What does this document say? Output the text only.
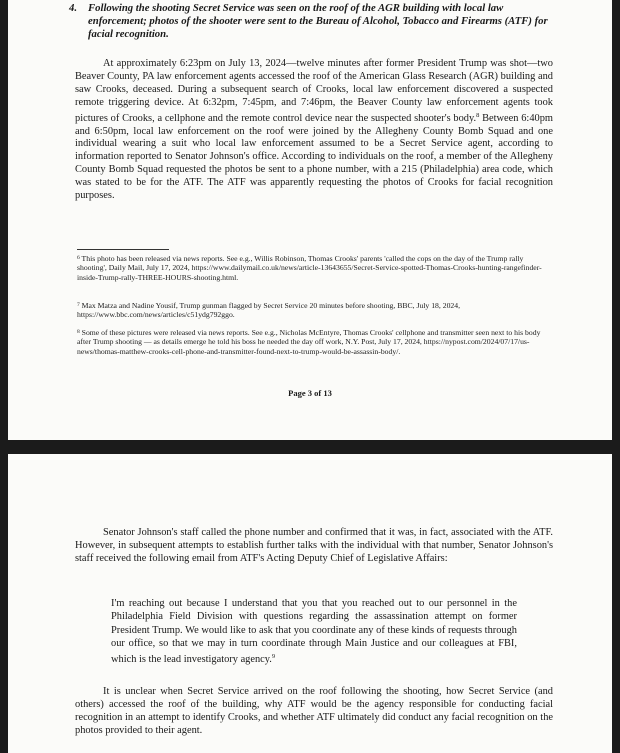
4. Following the shooting Secret Service was seen on the roof of the AGR building with local law enforcement; photos of the shooter were sent to the Bureau of Alcohol, Tobacco and Firearms (ATF) for facial recognition.

At approximately 6:23pm on July 13, 2024—twelve minutes after former President Trump was shot—two Beaver County, PA law enforcement agents accessed the roof of the American Glass Research (AGR) building and saw Crooks, deceased. During a subsequent search of Crooks, local law enforcement discovered a suspected remote triggering device. At 6:32pm, 7:45pm, and 7:46pm, the Beaver County law enforcement agents took pictures of Crooks, a cellphone and the remote control device near the suspected shooter's body.$^8$ Between 6:40pm and 6:50pm, local law enforcement on the roof were joined by the Allegheny County Bomb Squad and one individual wearing a suit who local law enforcement assumed to be a Secret Service agent, according to information reported to Senator Johnson's office. According to individuals on the roof, a member of the Allegheny County Bomb Squad requested the photos be sent to a phone number, with a 215 (Philadelphia) area code, which was stated to be for the ATF. The ATF was apparently requesting the photos of Crooks for facial recognition purposes.

$^6$ This photo has been released via news reports. See e.g., Willis Robinson, Thomas Crooks' parents 'called the cops on the day of the Trump rally shooting', Daily Mail, July 17, 2024, https://www.dailymail.co.uk/news/article-13643655/Secret-Service-spotted-Thomas-Crooks-hunting-rangefinder-inside-Trump-rally-THREE-HOURS-shooting.html.

$^7$ Max Matza and Nadine Yousif, Trump gunman flagged by Secret Service 20 minutes before shooting, BBC, July 18, 2024, https://www.bbc.com/news/articles/c51ydg792ggo.

$^8$ Some of these pictures were released via news reports. See e.g., Nicholas McEntyre, Thomas Crooks' cellphone and transmitter seen next to his body after Trump shooting — as details emerge he told his boss he needed the day off work, N.Y. Post, July 17, 2024, https://nypost.com/2024/07/17/us-news/thomas-matthew-crooks-cell-phone-and-transmitter-found-next-to-trump-would-be-assassin-body/.

Page 3 of 13

Senator Johnson's staff called the phone number and confirmed that it was, in fact, associated with the ATF. However, in subsequent attempts to establish further talks with the individual with that number, Senator Johnson's staff received the following email from ATF's Acting Deputy Chief of Legislative Affairs:

I'm reaching out because I understand that you that you reached out to our personnel in the Philadelphia Field Division with questions regarding the assassination attempt on former President Trump. We would like to ask that you coordinate any of these kinds of requests through our office, so that we may in turn coordinate through Main Justice and our colleagues at FBI, which is the lead investigatory agency.$^9$

It is unclear when Secret Service arrived on the roof following the shooting, how Secret Service (and others) accessed the roof of the building, why ATF would be the agency responsible for conducting facial recognition in an attempt to identify Crooks, and whether ATF ultimately did conduct any facial recognition on the photos provided to their agent.
